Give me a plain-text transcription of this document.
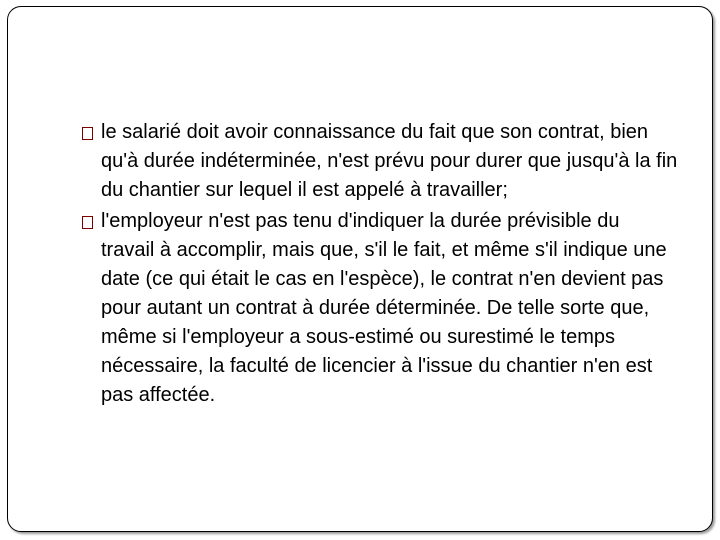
le salarié doit avoir connaissance du fait que son contrat, bien qu'à durée indéterminée, n'est prévu pour durer que jusqu'à la fin du chantier sur lequel il est appelé à travailler;
l'employeur n'est pas tenu d'indiquer la durée prévisible du travail à accomplir, mais que, s'il le fait, et même s'il indique une date (ce qui était le cas en l'espèce), le contrat n'en devient pas pour autant un contrat à durée déterminée. De telle sorte que, même si l'employeur a sous-estimé ou surestimé le temps nécessaire, la faculté de licencier à l'issue du chantier n'en est pas affectée.
